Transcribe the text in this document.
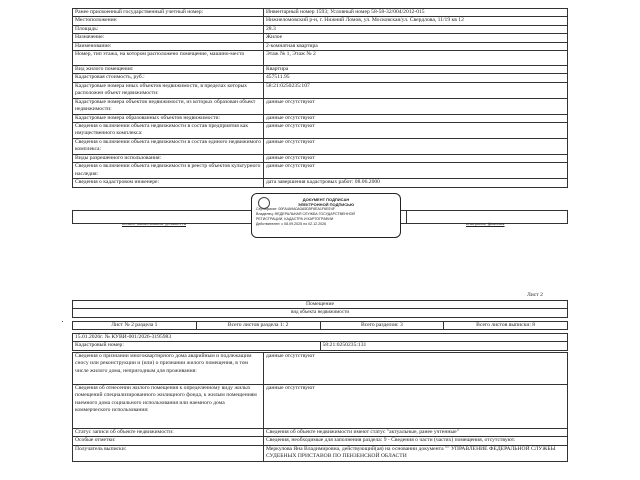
Ранее присвоенный государственный учетный номер:	Инвентарный номер 1593; Условный номер 58-58-32/004/2012-015
Местоположение:	Нижнеломовский р-н, г. Нижний Ломов, ул. Московская/ул. Свердлова, 11/19 кв 12
Площадь:	28.3
Назначение:	Жилое
Наименование:	2-комнатная квартира
Номер, тип этажа, на котором расположено помещение, машино-место	Этаж № 1, Этаж № 2
Вид жилого помещения:	Квартира
Кадастровая стоимость, руб.:	457511.95
Кадастровые номера иных объектов недвижимости, в пределах которых расположен объект недвижимости:	58:21:0250235:107
Кадастровые номера объектов недвижимости, из которых образован объект недвижимости:	данные отсутствуют
Кадастровые номера образованных объектов недвижимости:	данные отсутствуют
Сведения о включении объекта недвижимости в состав предприятия как имущественного комплекса:	данные отсутствуют
Сведения о включении объекта недвижимости в состав единого недвижимого комплекса:	данные отсутствуют
Виды разрешенного использования:	данные отсутствуют
Сведения о включении объекта недвижимости в реестр объектов культурного наследия:	данные отсутствуют
Сведения о кадастровом инженере:	дата завершения кадастровых работ: 08.06.2000
полное наименование должности	инициалы, фамилия
ДОКУМЕНТ ПОДПИСАН
ЭЛЕКТРОННОЙ ПОДПИСЬЮ
Сертификат: 00FA4A9A0A3A5D5F6EA1F6EE4F
Владелец: ФЕДЕРАЛЬНАЯ СЛУЖБА ГОСУДАРСТВЕННОЙ
РЕГИСТРАЦИИ, КАДАСТРА И КАРТОГРАФИИ
Действителен: с 08.09.2025 по 02.12.2026
Лист 2
Помещение
вид объекта недвижимости
Лист № 2 раздела 1	Всего листов раздела 1: 2	Всего разделов: 3	Всего листов выписки: 8
15.01.2026г. № КУВИ-001/2026-3195983
Кадастровый номер:	58:21:0250235:131
Сведения о признании многоквартирного дома аварийным и подлежащим сносу или реконструкции и (или) о признании жилого помещения, в том числе жилого дома, непригодным для проживания:	данные отсутствуют
Сведения об отнесении жилого помещения к определенному виду жилых помещений специализированного жилищного фонда, к жилым помещениям наемного дома социального использования или наемного дома коммерческого использования:	данные отсутствуют
Статус записи об объекте недвижимости:	Сведения об объекте недвижимости имеют статус "актуальные, ранее учтенные"
Особые отметки:	Сведения, необходимые для заполнения раздела: 9 - Сведения о части (частях) помещения, отсутствуют.
Получатель выписки:	Меркулова Яна Владимировна, действующий(ая) на основании документа "" УПРАВЛЕНИЕ ФЕДЕРАЛЬНОЙ СЛУЖБЫ СУДЕБНЫХ ПРИСТАВОВ ПО ПЕНЗЕНСКОЙ ОБЛАСТИ
